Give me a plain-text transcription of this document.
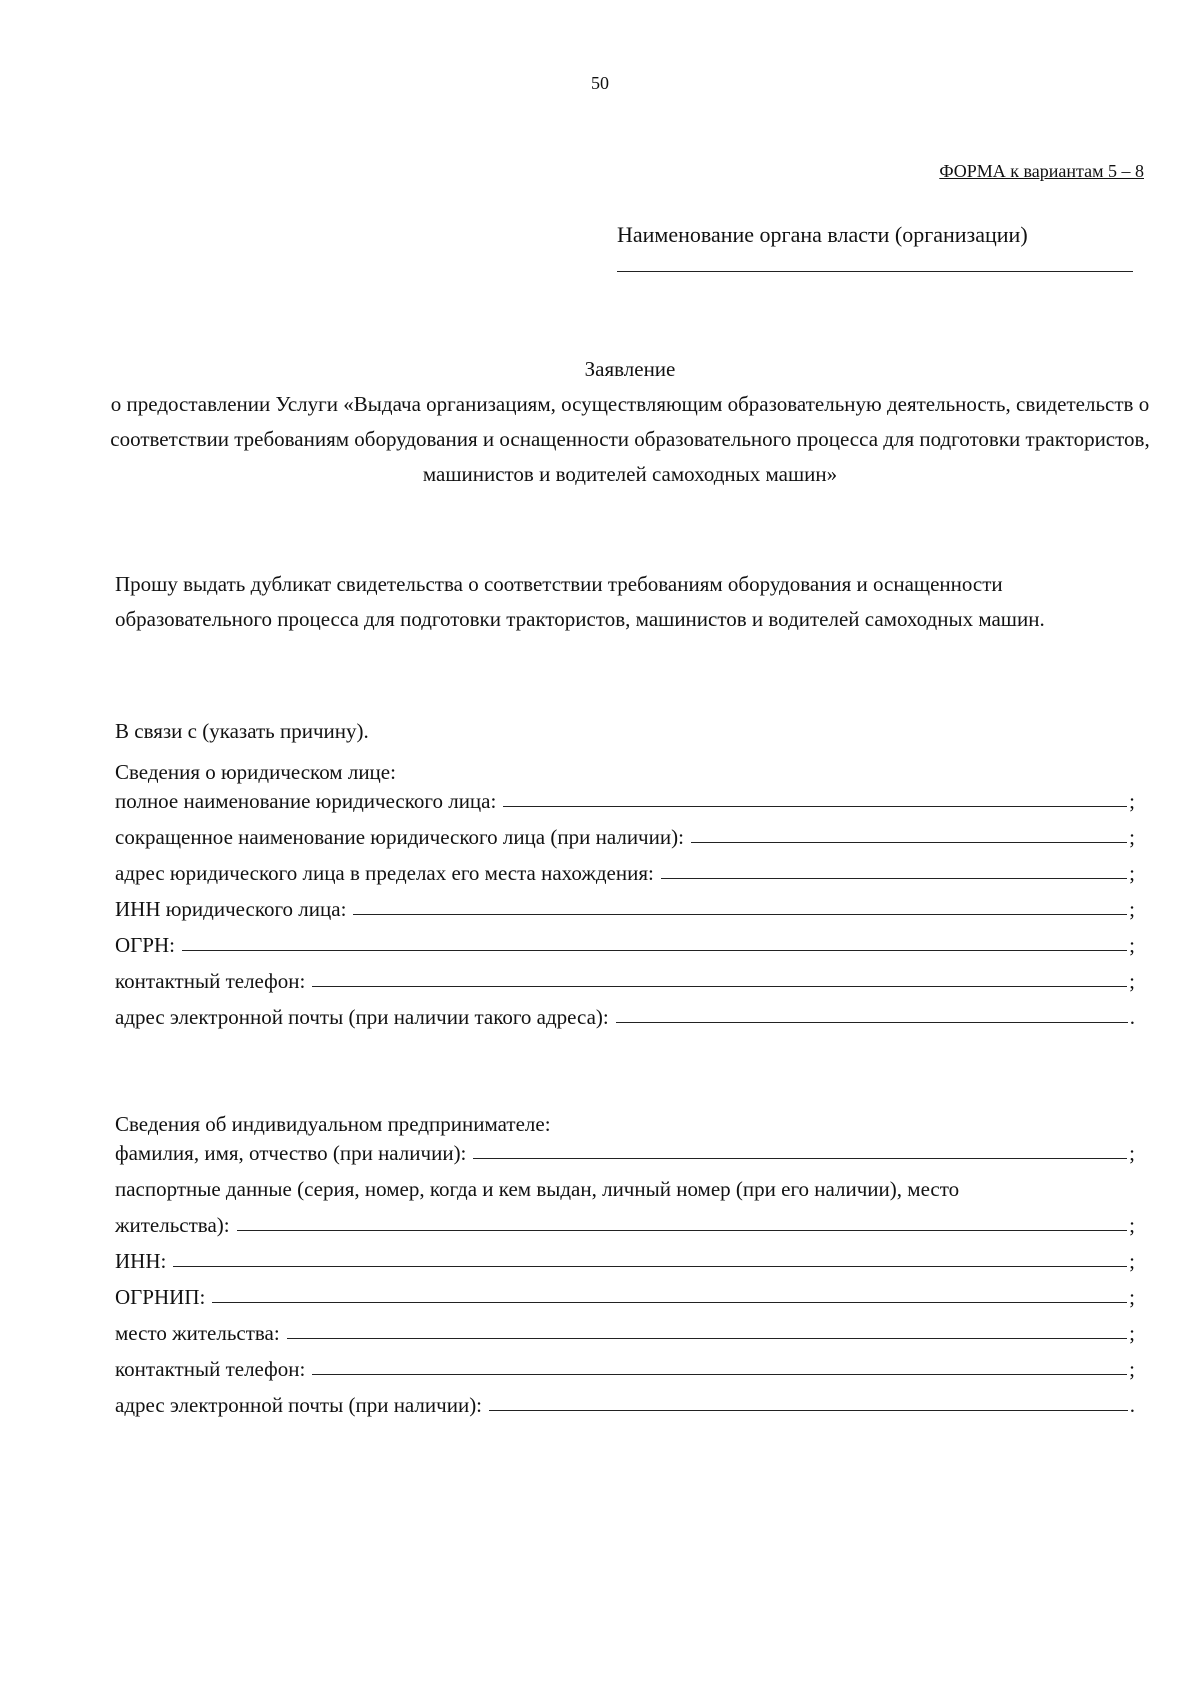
50
ФОРМА к вариантам 5 – 8
Наименование органа власти (организации)
Заявление
о предоставлении Услуги «Выдача организациям, осуществляющим образовательную деятельность, свидетельств о соответствии требованиям оборудования и оснащенности образовательного процесса для подготовки трактористов, машинистов и водителей самоходных машин»
Прошу выдать дубликат свидетельства о соответствии требованиям оборудования и оснащенности образовательного процесса для подготовки трактористов, машинистов и водителей самоходных машин.
В связи с (указать причину).
Сведения о юридическом лице:
полное наименование юридического лица:	;
сокращенное наименование юридического лица (при наличии):	;
адрес юридического лица в пределах его места нахождения:	;
ИНН юридического лица:	;
ОГРН:	;
контактный телефон:	;
адрес электронной почты (при наличии такого адреса):	.
Сведения об индивидуальном предпринимателе:
фамилия, имя, отчество (при наличии):	;
паспортные данные (серия, номер, когда и кем выдан, личный номер (при его наличии), место
жительства):	;
ИНН:	;
ОГРНИП:	;
место жительства:	;
контактный телефон:	;
адрес электронной почты (при наличии):	.
